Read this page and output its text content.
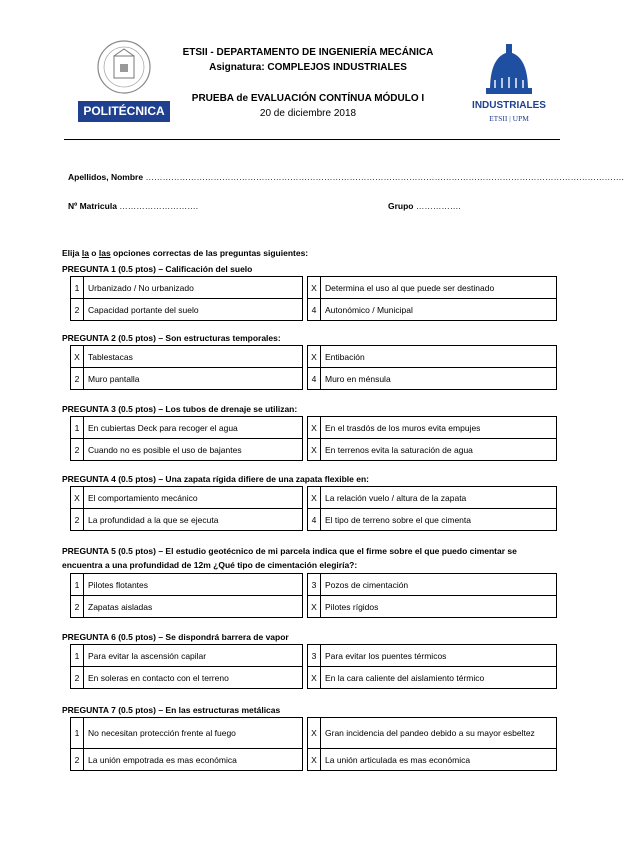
POLITÉCNICA	INDUSTRIALES
ETSII | UPM
ETSII - DEPARTAMENTO DE INGENIERÍA MECÁNICA
Asignatura: COMPLEJOS INDUSTRIALES
PRUEBA de EVALUACIÓN CONTÍNUA MÓDULO I
20 de diciembre 2018
Apellidos, Nombre …………………………………………………………………………………………………………………………………………………….
Nº Matricula ……………………….	Grupo …………….
Elija la o las opciones correctas de las preguntas siguientes:
PREGUNTA 1 (0.5 ptos) – Calificación del suelo
1	Urbanizado / No urbanizado		X	Determina el uso al que puede ser destinado
2	Capacidad portante del suelo		4	Autonómico / Municipal
PREGUNTA 2 (0.5 ptos) – Son estructuras temporales:
X	Tablestacas		X	Entibación
2	Muro pantalla		4	Muro en ménsula
PREGUNTA 3 (0.5 ptos) – Los tubos de drenaje se utilizan:
1	En cubiertas Deck para recoger el agua		X	En el trasdós de los muros evita empujes
2	Cuando no es posible el uso de bajantes		X	En terrenos evita la saturación de agua
PREGUNTA 4 (0.5 ptos) – Una zapata rígida difiere de una zapata flexible en:
X	El comportamiento mecánico		X	La relación vuelo / altura de la zapata
2	La profundidad a la que se ejecuta		4	El tipo de terreno sobre el que cimenta
PREGUNTA 5 (0.5 ptos) – El estudio geotécnico de mi parcela indica que el firme sobre el que puedo cimentar se encuentra a una profundidad de 12m ¿Qué tipo de cimentación elegiría?:
1	Pilotes flotantes		3	Pozos de cimentación
2	Zapatas aisladas		X	Pilotes rígidos
PREGUNTA 6 (0.5 ptos) – Se dispondrá barrera de vapor
1	Para evitar la ascensión capilar		3	Para evitar los puentes térmicos
2	En soleras en contacto con el terreno		X	En la cara caliente del aislamiento térmico
PREGUNTA 7 (0.5 ptos) – En las estructuras metálicas
1	No necesitan protección frente al fuego		X	Gran incidencia del pandeo debido a su mayor esbeltez
2	La unión empotrada es mas económica		X	La unión articulada es mas económica
